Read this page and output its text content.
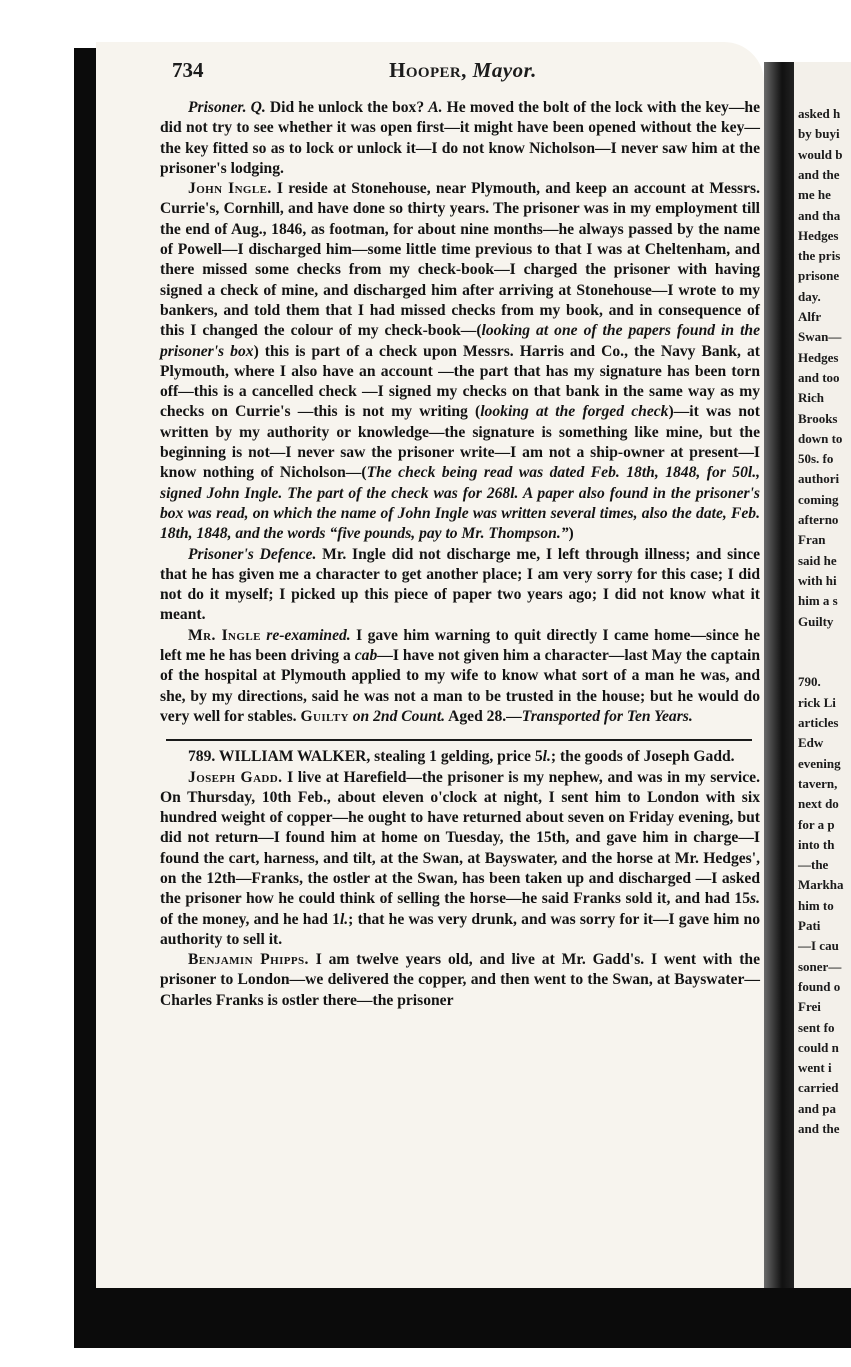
asked h
by buyi
would b
and the
me he
and tha
Hedges
the pris
prisone
day.
Alfr
Swan—
Hedges
and too
Rich
Brooks
down to
50s. fo
authori
coming
afterno
Fran
said he
with hi
him a s
Guilty
790.
rick Li
articles
Edw
evening
tavern,
next do
for a p
into th
—the
Markha
him to
Pati
—I cau
soner—
found o
Frei
sent fo
could n
went i
carried
and pa
and the
734	Hooper, Mayor.

Prisoner. Q. Did he unlock the box? A. He moved the bolt of the lock with the key—he did not try to see whether it was open first—it might have been opened without the key—the key fitted so as to lock or unlock it—I do not know Nicholson—I never saw him at the prisoner's lodging.

John Ingle. I reside at Stonehouse, near Plymouth, and keep an account at Messrs. Currie's, Cornhill, and have done so thirty years. The prisoner was in my employment till the end of Aug., 1846, as footman, for about nine months—he always passed by the name of Powell—I discharged him—some little time previous to that I was at Cheltenham, and there missed some checks from my check-book—I charged the prisoner with having signed a check of mine, and discharged him after arriving at Stonehouse—I wrote to my bankers, and told them that I had missed checks from my book, and in consequence of this I changed the colour of my check-book—(looking at one of the papers found in the prisoner's box) this is part of a check upon Messrs. Harris and Co., the Navy Bank, at Plymouth, where I also have an account —the part that has my signature has been torn off—this is a cancelled check —I signed my checks on that bank in the same way as my checks on Currie's —this is not my writing (looking at the forged check)—it was not written by my authority or knowledge—the signature is something like mine, but the beginning is not—I never saw the prisoner write—I am not a ship-owner at present—I know nothing of Nicholson—(The check being read was dated Feb. 18th, 1848, for 50l., signed John Ingle. The part of the check was for 268l. A paper also found in the prisoner's box was read, on which the name of John Ingle was written several times, also the date, Feb. 18th, 1848, and the words “five pounds, pay to Mr. Thompson.”)

Prisoner's Defence. Mr. Ingle did not discharge me, I left through illness; and since that he has given me a character to get another place; I am very sorry for this case; I did not do it myself; I picked up this piece of paper two years ago; I did not know what it meant.

Mr. Ingle re-examined. I gave him warning to quit directly I came home—since he left me he has been driving a cab—I have not given him a character—last May the captain of the hospital at Plymouth applied to my wife to know what sort of a man he was, and she, by my directions, said he was not a man to be trusted in the house; but he would do very well for stables. Guilty on 2nd Count. Aged 28.—Transported for Ten Years.

789. WILLIAM WALKER, stealing 1 gelding, price 5l.; the goods of Joseph Gadd.

Joseph Gadd. I live at Harefield—the prisoner is my nephew, and was in my service. On Thursday, 10th Feb., about eleven o'clock at night, I sent him to London with six hundred weight of copper—he ought to have returned about seven on Friday evening, but did not return—I found him at home on Tuesday, the 15th, and gave him in charge—I found the cart, harness, and tilt, at the Swan, at Bayswater, and the horse at Mr. Hedges', on the 12th—Franks, the ostler at the Swan, has been taken up and discharged —I asked the prisoner how he could think of selling the horse—he said Franks sold it, and had 15s. of the money, and he had 1l.; that he was very drunk, and was sorry for it—I gave him no authority to sell it.

Benjamin Phipps. I am twelve years old, and live at Mr. Gadd's. I went with the prisoner to London—we delivered the copper, and then went to the Swan, at Bayswater—Charles Franks is ostler there—the prisoner
